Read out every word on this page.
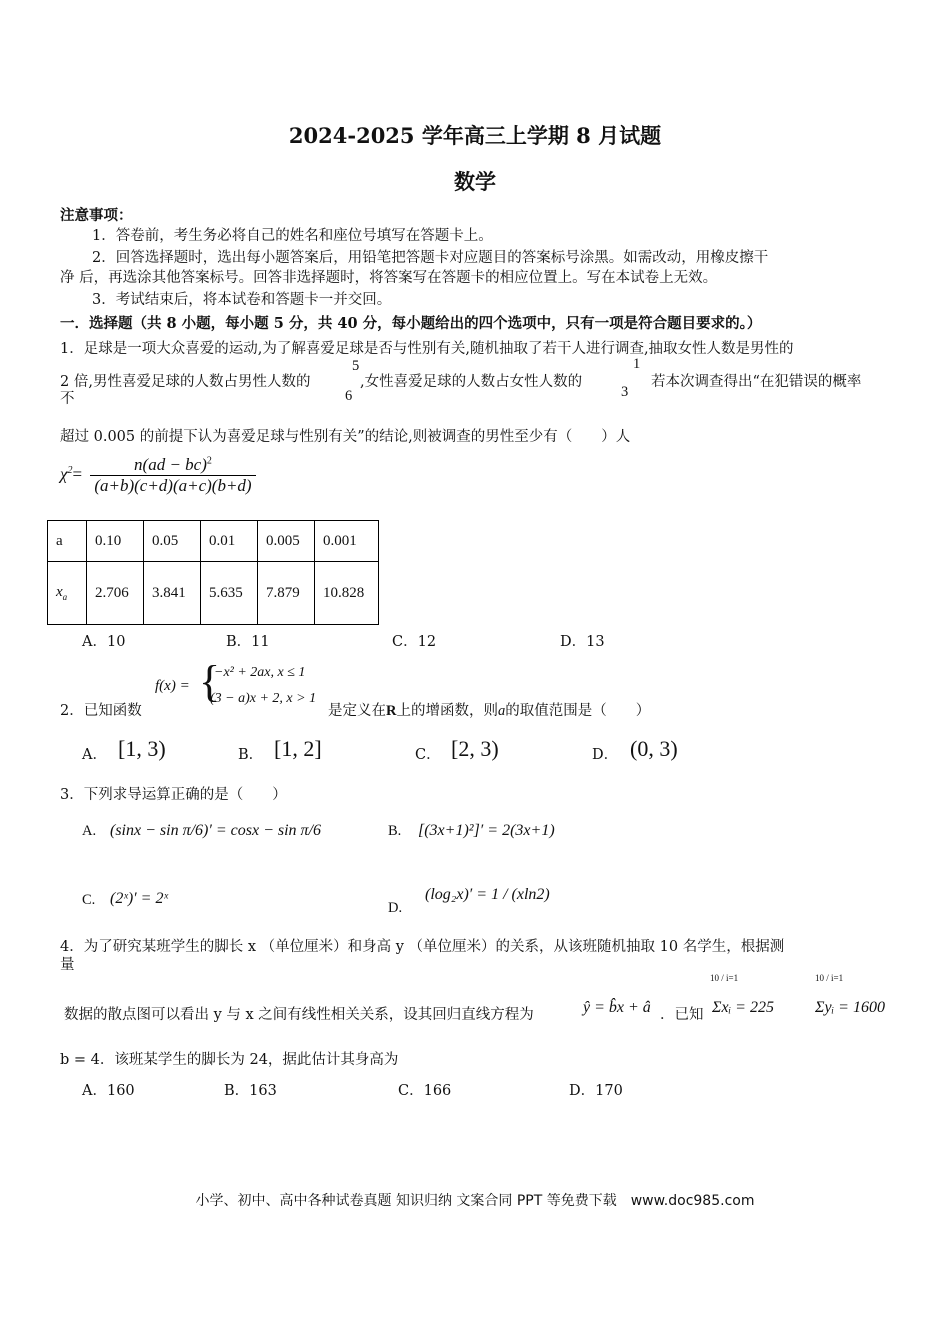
2024-2025 学年高三上学期 8 月试题
数学
注意事项：
1．答卷前，考生务必将自己的姓名和座位号填写在答题卡上。
2．回答选择题时，选出每小题答案后，用铅笔把答题卡对应题目的答案标号涂黑。如需改动，用橡皮擦干
净 后，再选涂其他答案标号。回答非选择题时，将答案写在答题卡的相应位置上。写在本试卷上无效。
3．考试结束后，将本试卷和答题卡一并交回。
一．选择题（共 8 小题，每小题 5 分，共 40 分，每小题给出的四个选项中，只有一项是符合题目要求的。）
1．足球是一项大众喜爱的运动,为了解喜爱足球是否与性别有关,随机抽取了若干人进行调查,抽取女性人数是男性的
2 倍,男性喜爱足球的人数占男性人数的
不
5
6
,女性喜爱足球的人数占女性人数的
1
3
若本次调查得出“在犯错误的概率
超过 0.005 的前提下认为喜爱足球与性别有关”的结论,则被调查的男性至少有（　　）人
$\chi^2= \frac{n(ad - bc)^2}{(a+b)(c+d)(a+c)(b+d)}$
a	0.10	0.05	0.01	0.005	0.001
$x_a$	2.706	3.841	5.635	7.879	10.828
A．10	B．11	C．12	D．13
2．已知函数
f(x) = {
−x² + 2ax, x ≤ 1
(3 − a)x + 2, x > 1
是定义在R上的增函数，则a的取值范围是（　　）
A． [1, 3)	B． [1, 2]	C． [2, 3)	D． (0, 3)
3．下列求导运算正确的是（　　）
A. (sinx − sin π/6)′ = cosx − sin π/6	B. [(3x+1)²]′ = 2(3x+1)
C. (2ˣ)′ = 2ˣ
D.
(log₂x)′ = 1 / (xln2)
4．为了研究某班学生的脚长 x （单位厘米）和身高 y （单位厘米）的关系，从该班随机抽取 10 名学生，根据测
量
数据的散点图可以看出 y 与 x 之间有线性相关关系，设其回归直线方程为	ŷ = b̂x + â ．已知
10 / i=1
Σxᵢ = 225
10 / i=1
Σyᵢ = 1600
b = 4．该班某学生的脚长为 24，据此估计其身高为
A．160	B．163	C．166	D．170
小学、初中、高中各种试卷真题 知识归纳 文案合同 PPT 等免费下载　www.doc985.com
